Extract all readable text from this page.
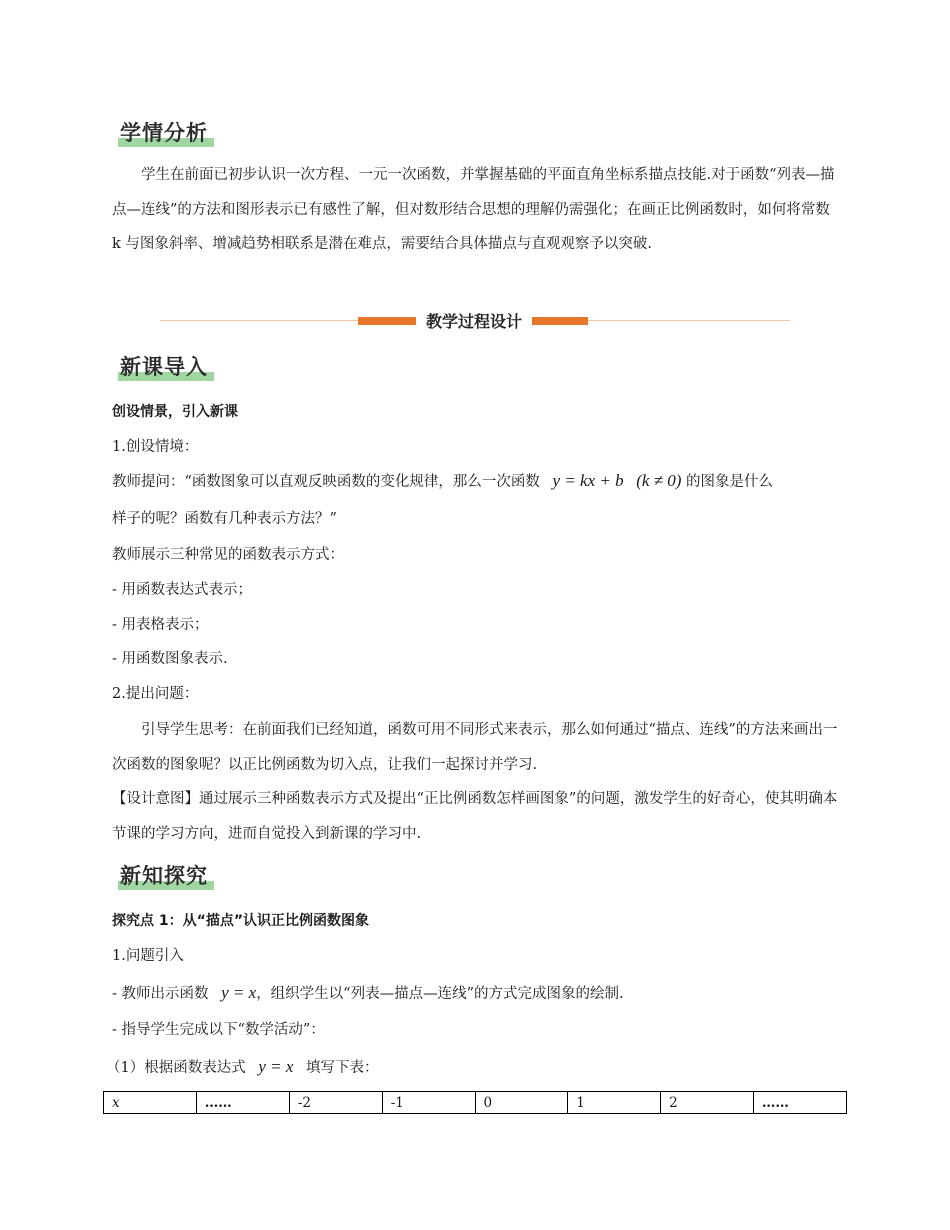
学情分析
学生在前面已初步认识一次方程、一元一次函数，并掌握基础的平面直角坐标系描点技能.对于函数“列表—描点—连线”的方法和图形表示已有感性了解，但对数形结合思想的理解仍需强化；在画正比例函数时，如何将常数 k 与图象斜率、增减趋势相联系是潜在难点，需要结合具体描点与直观观察予以突破.
教学过程设计
新课导入
创设情景，引入新课
1.创设情境：
教师提问：“函数图象可以直观反映函数的变化规律，那么一次函数 y = kx + b (k ≠ 0) 的图象是什么
样子的呢？函数有几种表示方法？”
教师展示三种常见的函数表示方式：
- 用函数表达式表示；
- 用表格表示；
- 用函数图象表示.
2.提出问题：
引导学生思考：在前面我们已经知道，函数可用不同形式来表示，那么如何通过“描点、连线”的方法来画出一次函数的图象呢？以正比例函数为切入点，让我们一起探讨并学习.
【设计意图】通过展示三种函数表示方式及提出“正比例函数怎样画图象”的问题，激发学生的好奇心，使其明确本节课的学习方向，进而自觉投入到新课的学习中.
新知探究
探究点 1：从“描点”认识正比例函数图象
1.问题引入
- 教师出示函数 y = x，组织学生以“列表—描点—连线”的方式完成图象的绘制.
- 指导学生完成以下“数学活动”：
（1）根据函数表达式 y = x 填写下表：
x	……	-2	-1	0	1	2	……
